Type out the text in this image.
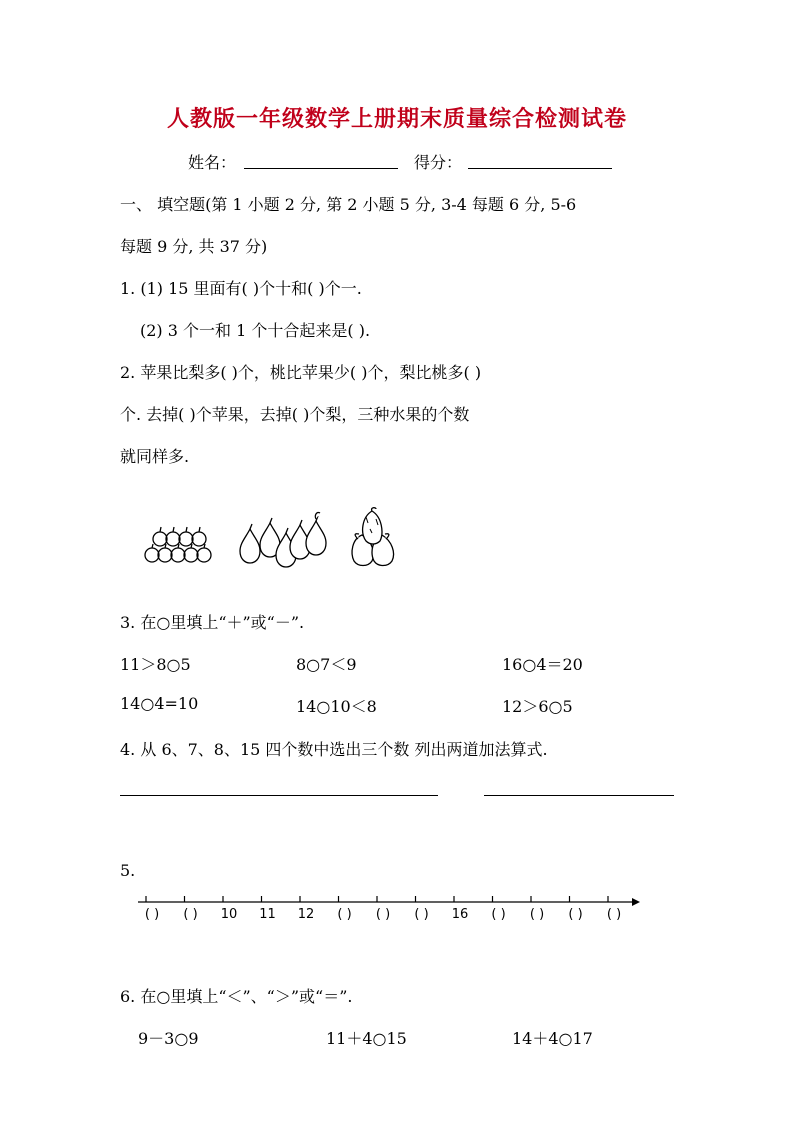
人教版一年级数学上册期末质量综合检测试卷
姓名：	得分：
一、 填空题(第 1 小题 2 分, 第 2 小题 5 分, 3-4 每题 6 分, 5-6
每题 9 分, 共 37 分)
1. (1) 15 里面有( )个十和( )个一.
(2) 3 个一和 1 个十合起来是( ).
2. 苹果比梨多( )个，桃比苹果少( )个，梨比桃多( )
个. 去掉( )个苹果，去掉( )个梨，三种水果的个数
就同样多.
3. 在○里填上“＋”或“－”.
11＞8○5	8○7＜9	16○4＝20
14○4=10	14○10＜8	12＞6○5
4. 从 6、7、8、15 四个数中选出三个数 列出两道加法算式.
5.
( ) ( ) 10 11 12 ( ) ( ) ( ) 16 ( ) ( ) ( ) ( )
6. 在○里填上“＜”、“＞”或“＝”.
9－3○9	11＋4○15	14＋4○17
